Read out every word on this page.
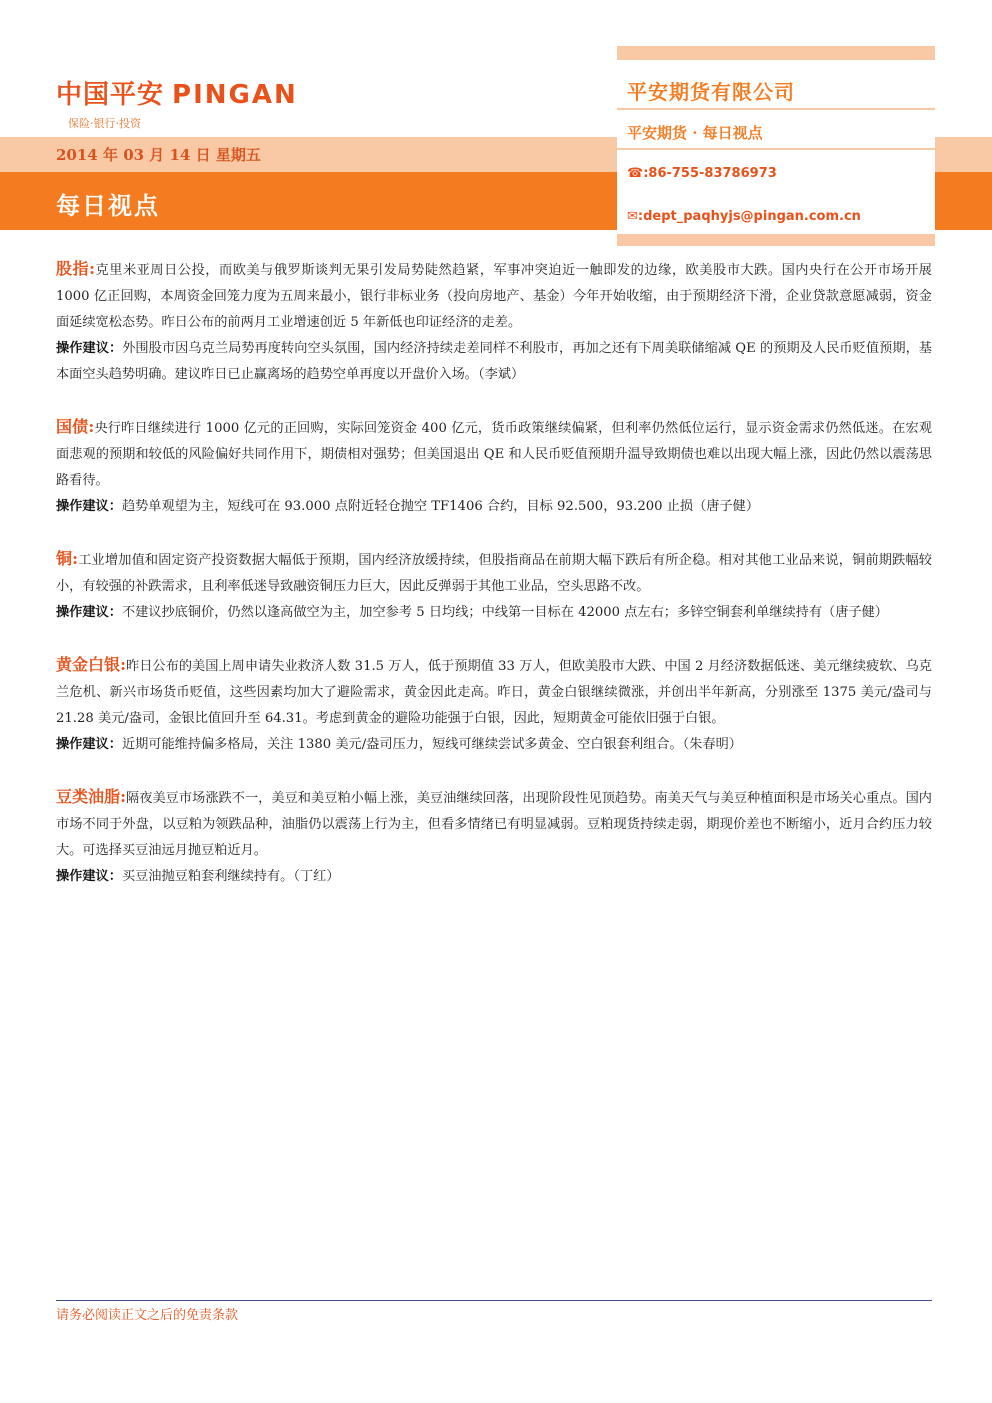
中国平安 PINGAN
保险·银行·投资
2014 年 03 月 14 日 星期五
每日视点
平安期货有限公司
平安期货 · 每日视点
☎:86-755-83786973
✉:dept_paqhyjs@pingan.com.cn

股指:克里米亚周日公投，而欧美与俄罗斯谈判无果引发局势陡然趋紧，军事冲突迫近一触即发的边缘，欧美股市大跌。国内央行在公开市场开展 1000 亿正回购，本周资金回笼力度为五周来最小，银行非标业务（投向房地产、基金）今年开始收缩，由于预期经济下滑，企业贷款意愿减弱，资金面延续宽松态势。昨日公布的前两月工业增速创近 5 年新低也印证经济的走差。

操作建议：外围股市因乌克兰局势再度转向空头氛围，国内经济持续走差同样不利股市，再加之还有下周美联储缩减 QE 的预期及人民币贬值预期，基本面空头趋势明确。建议昨日已止赢离场的趋势空单再度以开盘价入场。（李斌）

国债:央行昨日继续进行 1000 亿元的正回购，实际回笼资金 400 亿元，货币政策继续偏紧，但利率仍然低位运行，显示资金需求仍然低迷。在宏观面悲观的预期和较低的风险偏好共同作用下，期债相对强势；但美国退出 QE 和人民币贬值预期升温导致期债也难以出现大幅上涨，因此仍然以震荡思路看待。

操作建议：趋势单观望为主，短线可在 93.000 点附近轻仓抛空 TF1406 合约，目标 92.500，93.200 止损（唐子健）

铜:工业增加值和固定资产投资数据大幅低于预期，国内经济放缓持续，但股指商品在前期大幅下跌后有所企稳。相对其他工业品来说，铜前期跌幅较小，有较强的补跌需求，且利率低迷导致融资铜压力巨大，因此反弹弱于其他工业品，空头思路不改。

操作建议：不建议抄底铜价，仍然以逢高做空为主，加空参考 5 日均线；中线第一目标在 42000 点左右；多锌空铜套利单继续持有（唐子健）

黄金白银:昨日公布的美国上周申请失业救济人数 31.5 万人，低于预期值 33 万人，但欧美股市大跌、中国 2 月经济数据低迷、美元继续疲软、乌克兰危机、新兴市场货币贬值，这些因素均加大了避险需求，黄金因此走高。昨日，黄金白银继续微涨，并创出半年新高，分别涨至 1375 美元/盎司与 21.28 美元/盎司，金银比值回升至 64.31。考虑到黄金的避险功能强于白银，因此，短期黄金可能依旧强于白银。

操作建议：近期可能维持偏多格局，关注 1380 美元/盎司压力，短线可继续尝试多黄金、空白银套利组合。（朱春明）

豆类油脂:隔夜美豆市场涨跌不一，美豆和美豆粕小幅上涨，美豆油继续回落，出现阶段性见顶趋势。南美天气与美豆种植面积是市场关心重点。国内市场不同于外盘，以豆粕为领跌品种，油脂仍以震荡上行为主，但看多情绪已有明显减弱。豆粕现货持续走弱，期现价差也不断缩小，近月合约压力较大。可选择买豆油远月抛豆粕近月。

操作建议：买豆油抛豆粕套利继续持有。（丁红）

请务必阅读正文之后的免责条款
